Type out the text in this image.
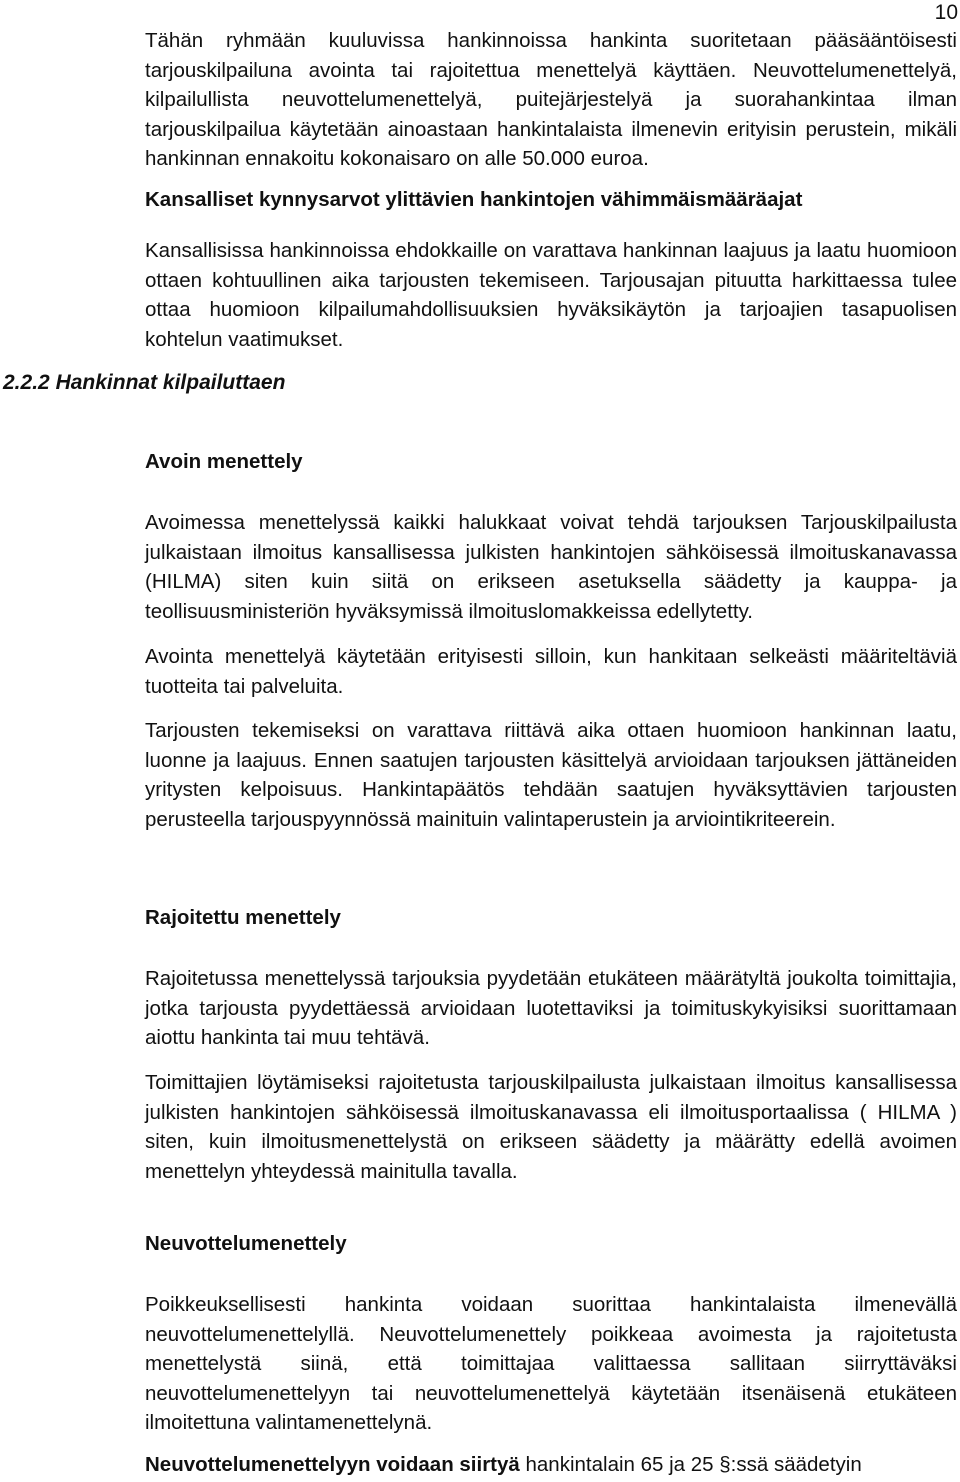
10

Tähän ryhmään kuuluvissa hankinnoissa hankinta suoritetaan pääsääntöisesti tarjouskilpailuna avointa tai rajoitettua menettelyä käyttäen. Neuvottelumenettelyä, kilpailullista neuvottelumenettelyä, puitejärjestelyä ja suorahankintaa ilman tarjouskilpailua käytetään ainoastaan hankintalaista ilmenevin erityisin perustein, mikäli hankinnan ennakoitu kokonaisaro on alle 50.000 euroa.

Kansalliset kynnysarvot ylittävien hankintojen vähimmäismääräajat

Kansallisissa hankinnoissa ehdokkaille on varattava hankinnan laajuus ja laatu huomioon ottaen kohtuullinen aika tarjousten tekemiseen. Tarjousajan pituutta harkittaessa tulee ottaa huomioon kilpailumahdollisuuksien hyväksikäytön ja tarjoajien tasapuolisen kohtelun vaatimukset.

2.2.2 Hankinnat kilpailuttaen

Avoin menettely

Avoimessa menettelyssä kaikki halukkaat voivat tehdä tarjouksen Tarjouskilpailusta julkaistaan ilmoitus kansallisessa julkisten hankintojen sähköisessä ilmoituskanavassa (HILMA) siten kuin siitä on erikseen asetuksella säädetty ja kauppa- ja teollisuusministeriön hyväksymissä ilmoituslomakkeissa edellytetty.

Avointa menettelyä käytetään erityisesti silloin, kun hankitaan selkeästi määriteltäviä tuotteita tai palveluita.

Tarjousten tekemiseksi on varattava riittävä aika ottaen huomioon hankinnan laatu, luonne ja laajuus. Ennen saatujen tarjousten käsittelyä arvioidaan tarjouksen jättäneiden yritysten kelpoisuus. Hankintapäätös tehdään saatujen hyväksyttävien tarjousten perusteella tarjouspyynnössä mainituin valintaperustein ja arviointikriteerein.

Rajoitettu menettely

Rajoitetussa menettelyssä tarjouksia pyydetään etukäteen määrätyltä joukolta toimittajia, jotka tarjousta pyydettäessä arvioidaan luotettaviksi ja toimituskykyisiksi suorittamaan aiottu hankinta tai muu tehtävä.

Toimittajien löytämiseksi rajoitetusta tarjouskilpailusta julkaistaan ilmoitus kansallisessa julkisten hankintojen sähköisessä ilmoituskanavassa eli ilmoitusportaalissa ( HILMA ) siten, kuin ilmoitusmenettelystä on erikseen säädetty ja määrätty edellä avoimen menettelyn yhteydessä mainitulla tavalla.

Neuvottelumenettely

Poikkeuksellisesti hankinta voidaan suorittaa hankintalaista ilmenevällä neuvottelumenettelyllä. Neuvottelumenettely poikkeaa avoimesta ja rajoitetusta menettelystä siinä, että toimittajaa valittaessa sallitaan siirryttäväksi neuvottelumenettelyyn tai neuvottelumenettelyä käytetään itsenäisenä etukäteen ilmoitettuna valintamenettelynä.

Neuvottelumenettelyyn voidaan siirtyä hankintalain 65 ja 25 §:ssä säädetyin
